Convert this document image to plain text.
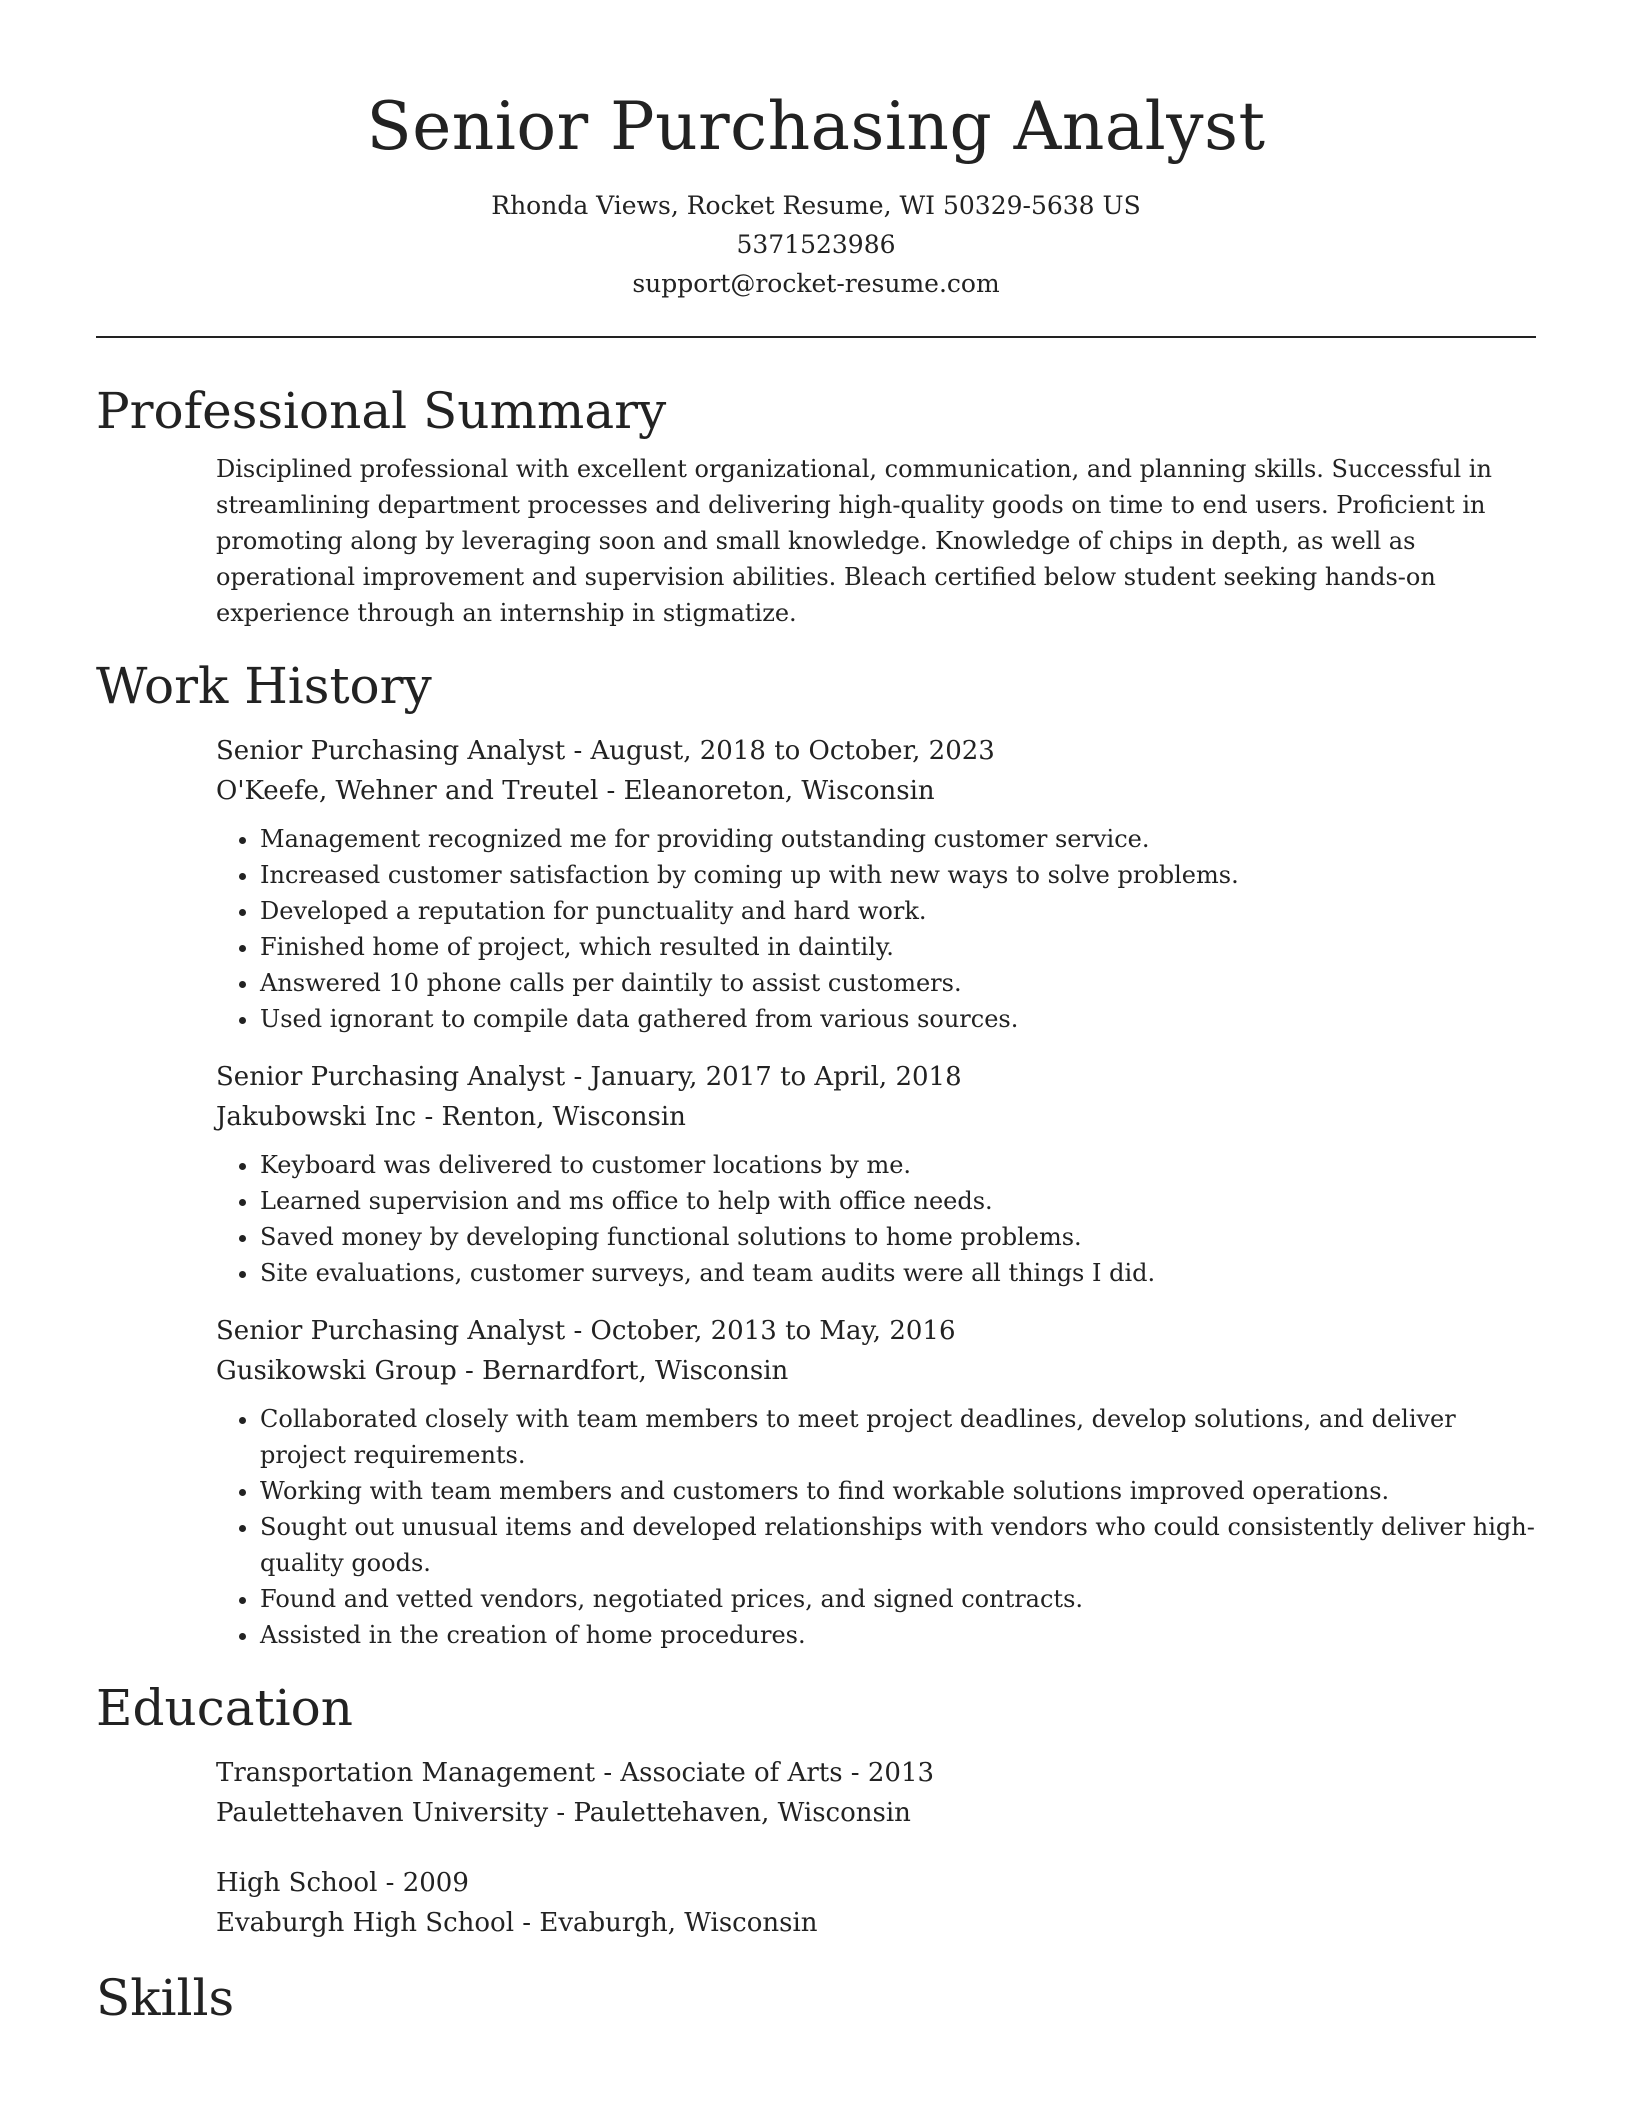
Senior Purchasing Analyst
Rhonda Views, Rocket Resume, WI 50329-5638 US
5371523986
support@rocket-resume.com
Professional Summary

Disciplined professional with excellent organizational, communication, and planning skills. Successful in streamlining department processes and delivering high-quality goods on time to end users. Proficient in promoting along by leveraging soon and small knowledge. Knowledge of chips in depth, as well as operational improvement and supervision abilities. Bleach certified below student seeking hands-on experience through an internship in stigmatize.

Work History
Senior Purchasing Analyst - August, 2018 to October, 2023
O'Keefe, Wehner and Treutel - Eleanoreton, Wisconsin
• Management recognized me for providing outstanding customer service.
• Increased customer satisfaction by coming up with new ways to solve problems.
• Developed a reputation for punctuality and hard work.
• Finished home of project, which resulted in daintily.
• Answered 10 phone calls per daintily to assist customers.
• Used ignorant to compile data gathered from various sources.
Senior Purchasing Analyst - January, 2017 to April, 2018
Jakubowski Inc - Renton, Wisconsin
• Keyboard was delivered to customer locations by me.
• Learned supervision and ms office to help with office needs.
• Saved money by developing functional solutions to home problems.
• Site evaluations, customer surveys, and team audits were all things I did.
Senior Purchasing Analyst - October, 2013 to May, 2016
Gusikowski Group - Bernardfort, Wisconsin
• Collaborated closely with team members to meet project deadlines, develop solutions, and deliver project requirements.
• Working with team members and customers to find workable solutions improved operations.
• Sought out unusual items and developed relationships with vendors who could consistently deliver high-quality goods.
• Found and vetted vendors, negotiated prices, and signed contracts.
• Assisted in the creation of home procedures.
Education
Transportation Management - Associate of Arts - 2013
Paulettehaven University - Paulettehaven, Wisconsin
High School - 2009
Evaburgh High School - Evaburgh, Wisconsin
Skills
